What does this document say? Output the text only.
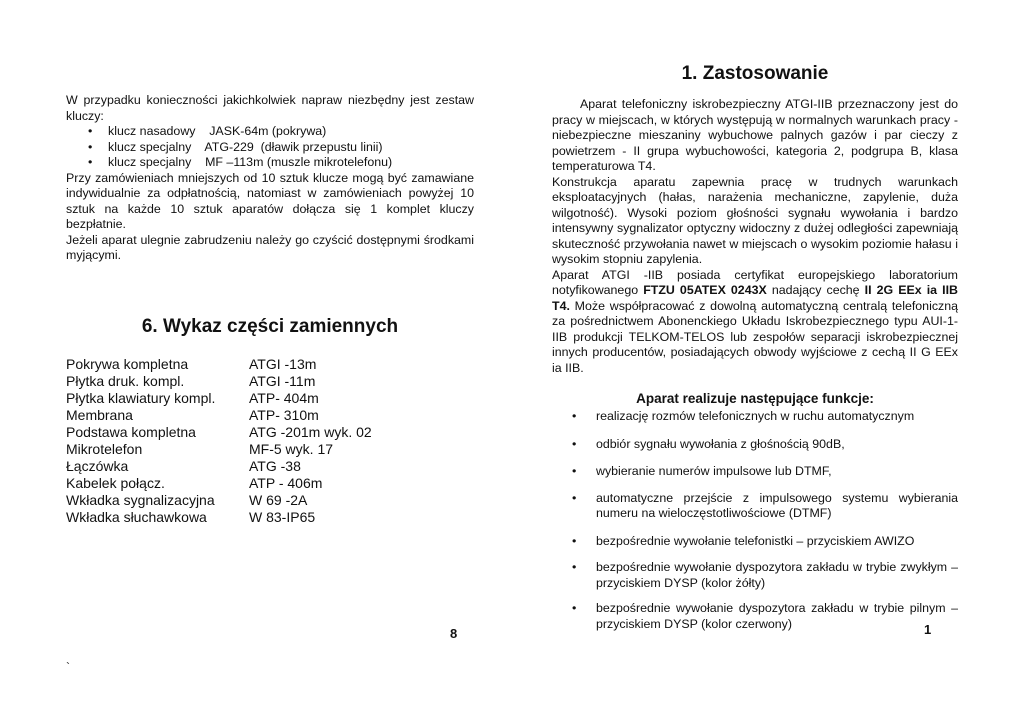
W przypadku konieczności jakichkolwiek napraw niezbędny jest zestaw kluczy:

• klucz nasadowy    JASK-64m (pokrywa)
• klucz specjalny    ATG-229  (dławik przepustu linii)
• klucz specjalny    MF –113m (muszle mikrotelefonu)

Przy zamówieniach mniejszych od 10 sztuk klucze mogą być zamawiane indywidualnie za odpłatnością, natomiast w zamówieniach powyżej 10 sztuk na każde 10 sztuk aparatów dołącza się 1 komplet kluczy bezpłatnie.

Jeżeli aparat ulegnie zabrudzeniu należy go czyścić dostępnymi środkami myjącymi.

6. Wykaz części zamiennych
Pokrywa kompletna	ATGI -13m
Płytka druk. kompl.	ATGI -11m
Płytka klawiatury kompl.	ATP- 404m
Membrana	ATP- 310m
Podstawa kompletna	ATG -201m wyk. 02
Mikrotelefon	MF-5 wyk. 17
Łączówka	ATG -38
Kabelek połącz.	ATP - 406m
Wkładka sygnalizacyjna	W 69 -2A
Wkładka słuchawkowa	W 83-IP65
8
`
1. Zastosowanie

Aparat telefoniczny iskrobezpieczny ATGI-IIB przeznaczony jest do pracy w miejscach, w których występują w normalnych warunkach pracy - niebezpieczne mieszaniny wybuchowe palnych gazów i par cieczy z powietrzem - II grupa wybuchowości, kategoria 2, podgrupa B, klasa temperaturowa T4.

Konstrukcja aparatu zapewnia pracę w trudnych warunkach eksploatacyjnych (hałas, narażenia mechaniczne, zapylenie, duża wilgotność). Wysoki poziom głośności sygnału wywołania i bardzo intensywny sygnalizator optyczny widoczny z dużej odległości zapewniają skuteczność przywołania nawet w miejscach o wysokim poziomie hałasu i wysokim stopniu zapylenia.

Aparat ATGI -IIB posiada certyfikat europejskiego laboratorium notyfikowanego FTZU 05ATEX 0243X nadający cechę II 2G EEx ia IIB T4. Może współpracować z dowolną automatyczną centralą telefoniczną za pośrednictwem Abonenckiego Układu Iskrobezpiecznego typu AUI-1- IIB produkcji TELKOM-TELOS lub zespołów separacji iskrobezpiecznej innych producentów, posiadających obwody wyjściowe z cechą II G EEx ia IIB.

Aparat realizuje następujące funkcje:
• realizację rozmów telefonicznych w ruchu automatycznym
• odbiór sygnału wywołania z głośnością 90dB,
• wybieranie numerów impulsowe lub DTMF,
• automatyczne przejście z impulsowego systemu wybierania numeru na wieloczęstotliwościowe (DTMF)
• bezpośrednie wywołanie telefonistki – przyciskiem AWIZO
• bezpośrednie wywołanie dyspozytora zakładu w trybie zwykłym – przyciskiem DYSP (kolor żółty)
• bezpośrednie wywołanie dyspozytora zakładu w trybie pilnym – przyciskiem DYSP (kolor czerwony)	1
